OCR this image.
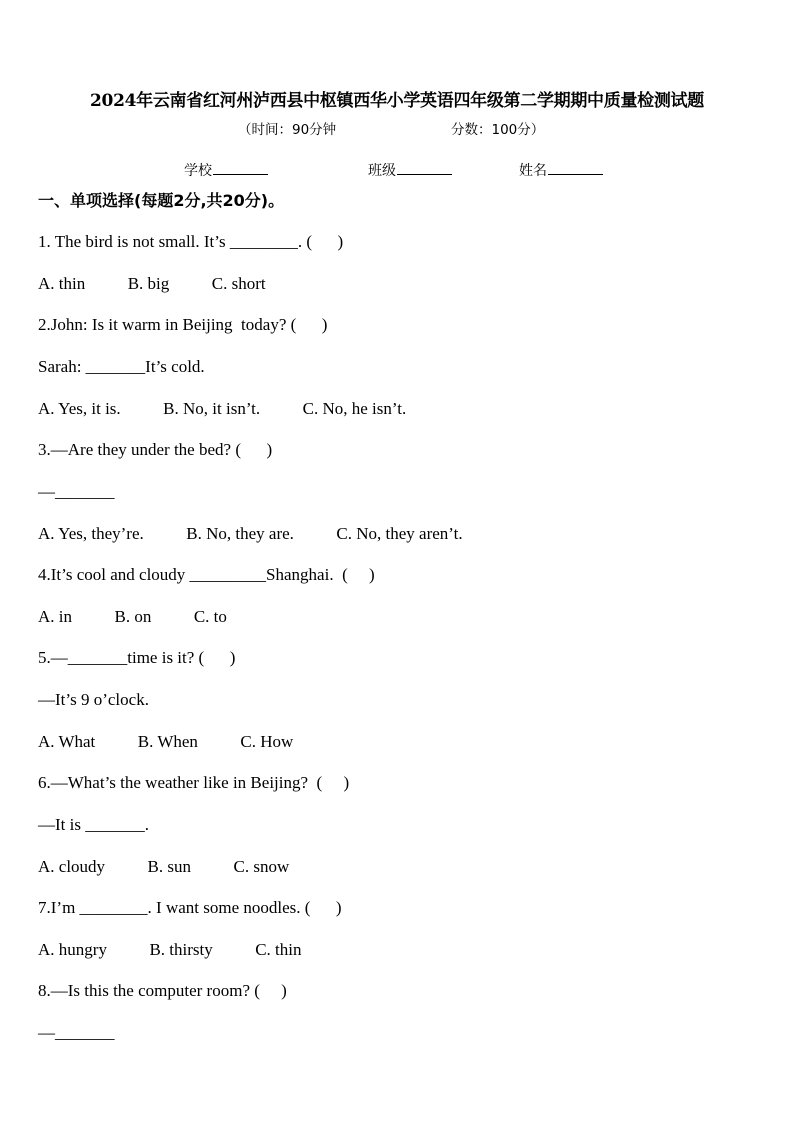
2024年云南省红河州泸西县中枢镇西华小学英语四年级第二学期期中质量检测试题
（时间：90分钟	分数：100分）
学校	班级	姓名
一、单项选择(每题2分,共20分)。
1. The bird is not small. It’s ________. (      )
A. thin          B. big          C. short
2.John: Is it warm in Beijing  today? (      )
Sarah: _______It’s cold.
A. Yes, it is.          B. No, it isn’t.          C. No, he isn’t.
3.—Are they under the bed? (      )
—_______
A. Yes, they’re.          B. No, they are.          C. No, they aren’t.
4.It’s cool and cloudy _________Shanghai.  (     )
A. in          B. on          C. to
5.—_______time is it? (      )
—It’s 9 o’clock.
A. What          B. When          C. How
6.—What’s the weather like in Beijing?  (     )
—It is _______.
A. cloudy          B. sun          C. snow
7.I’m ________. I want some noodles. (      )
A. hungry          B. thirsty          C. thin
8.—Is this the computer room? (     )
—_______
